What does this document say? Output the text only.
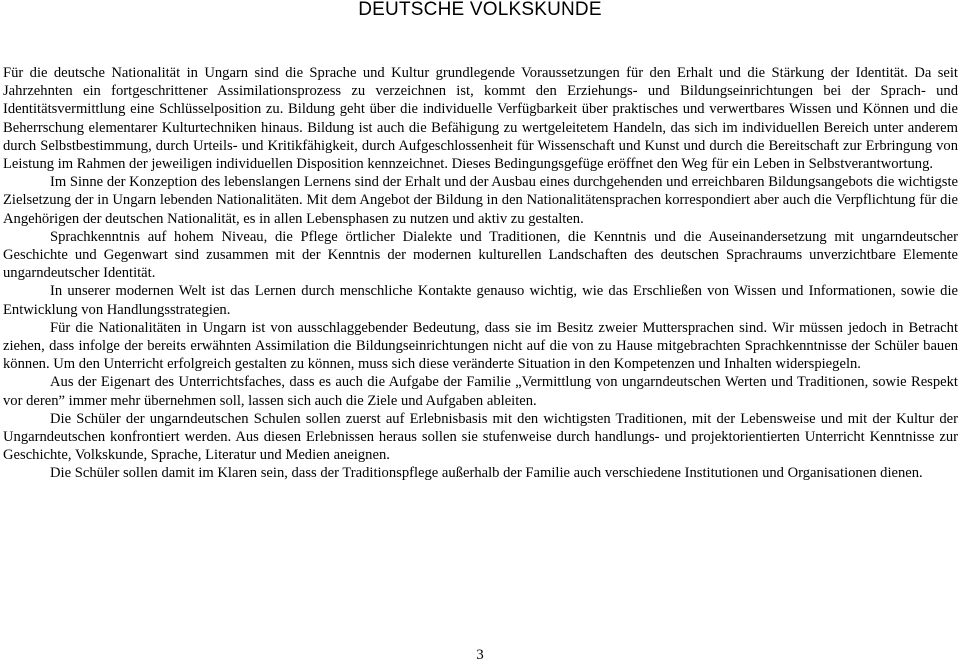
DEUTSCHE VOLKSKUNDE

Für die deutsche Nationalität in Ungarn sind die Sprache und Kultur grundlegende Voraussetzungen für den Erhalt und die Stärkung der Identität. Da seit Jahrzehnten ein fortgeschrittener Assimilationsprozess zu verzeichnen ist, kommt den Erziehungs- und Bildungseinrichtungen bei der Sprach- und Identitätsvermittlung eine Schlüsselposition zu. Bildung geht über die individuelle Verfügbarkeit über praktisches und verwertbares Wissen und Können und die Beherrschung elementarer Kulturtechniken hinaus. Bildung ist auch die Befähigung zu wertgeleitetem Handeln, das sich im individuellen Bereich unter anderem durch Selbstbestimmung, durch Urteils- und Kritikfähigkeit, durch Aufgeschlossenheit für Wissenschaft und Kunst und durch die Bereitschaft zur Erbringung von Leistung im Rahmen der jeweiligen individuellen Disposition kennzeichnet. Dieses Bedingungsgefüge eröffnet den Weg für ein Leben in Selbstverantwortung.

Im Sinne der Konzeption des lebenslangen Lernens sind der Erhalt und der Ausbau eines durchgehenden und erreichbaren Bildungsangebots die wichtigste Zielsetzung der in Ungarn lebenden Nationalitäten. Mit dem Angebot der Bildung in den Nationalitätensprachen korrespondiert aber auch die Verpflichtung für die Angehörigen der deutschen Nationalität, es in allen Lebensphasen zu nutzen und aktiv zu gestalten.

Sprachkenntnis auf hohem Niveau, die Pflege örtlicher Dialekte und Traditionen, die Kenntnis und die Auseinandersetzung mit ungarndeutscher Geschichte und Gegenwart sind zusammen mit der Kenntnis der modernen kulturellen Landschaften des deutschen Sprachraums unverzichtbare Elemente ungarndeutscher Identität.

In unserer modernen Welt ist das Lernen durch menschliche Kontakte genauso wichtig, wie das Erschließen von Wissen und Informationen, sowie die Entwicklung von Handlungsstrategien.

Für die Nationalitäten in Ungarn ist von ausschlaggebender Bedeutung, dass sie im Besitz zweier Muttersprachen sind. Wir müssen jedoch in Betracht ziehen, dass infolge der bereits erwähnten Assimilation die Bildungseinrichtungen nicht auf die von zu Hause mitgebrachten Sprachkenntnisse der Schüler bauen können. Um den Unterricht erfolgreich gestalten zu können, muss sich diese veränderte Situation in den Kompetenzen und Inhalten widerspiegeln.

Aus der Eigenart des Unterrichtsfaches, dass es auch die Aufgabe der Familie „Vermittlung von ungarndeutschen Werten und Traditionen, sowie Respekt vor deren” immer mehr übernehmen soll, lassen sich auch die Ziele und Aufgaben ableiten.

Die Schüler der ungarndeutschen Schulen sollen zuerst auf Erlebnisbasis mit den wichtigsten Traditionen, mit der Lebensweise und mit der Kultur der Ungarndeutschen konfrontiert werden. Aus diesen Erlebnissen heraus sollen sie stufenweise durch handlungs- und projektorientierten Unterricht Kenntnisse zur Geschichte, Volkskunde, Sprache, Literatur und Medien aneignen.

Die Schüler sollen damit im Klaren sein, dass der Traditionspflege außerhalb der Familie auch verschiedene Institutionen und Organisationen dienen.

3
